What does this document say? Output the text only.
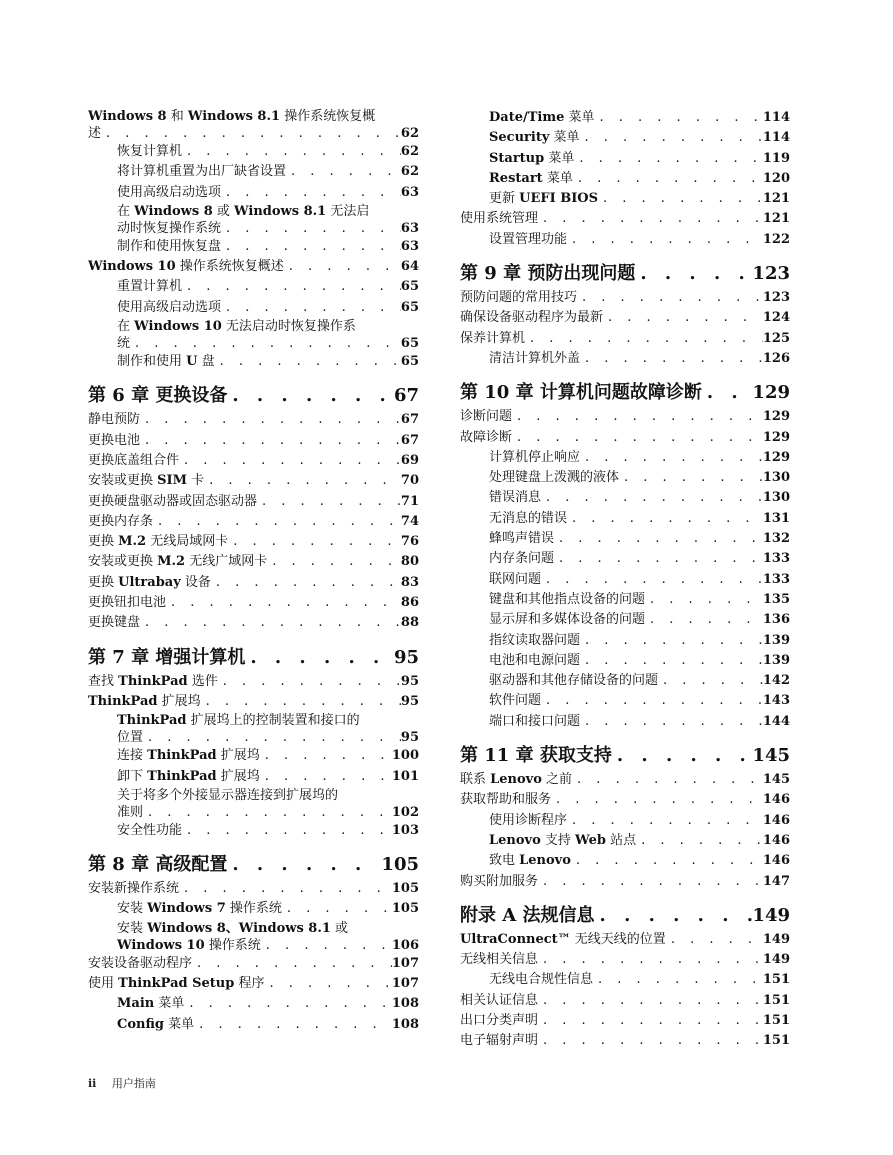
Windows 8 和 Windows 8.1 操作系统恢复概
述 . . .	62
恢复计算机 . . .	62
将计算机重置为出厂缺省设置 . . .	62
使用高级启动选项 . . .	63
在 Windows 8 或 Windows 8.1 无法启
动时恢复操作系统 . . .	63
制作和使用恢复盘 . . .	63
Windows 10 操作系统恢复概述 . . .	64
重置计算机 . . .	65
使用高级启动选项 . . .	65
在 Windows 10 无法启动时恢复操作系
统 . . .	65
制作和使用 U 盘 . . .	65
第 6 章 更换设备 . . .	67
静电预防 . . .	67
更换电池 . . .	67
更换底盖组合件 . . .	69
安装或更换 SIM 卡 . . .	70
更换硬盘驱动器或固态驱动器 . . .	71
更换内存条 . . .	74
更换 M.2 无线局域网卡 . . .	76
安装或更换 M.2 无线广域网卡 . . .	80
更换 Ultrabay 设备 . . .	83
更换钮扣电池 . . .	86
更换键盘 . . .	88
第 7 章 增强计算机 . . .	95
查找 ThinkPad 选件 . . .	95
ThinkPad 扩展坞 . . .	95
ThinkPad 扩展坞上的控制装置和接口的
位置 . . .	95
连接 ThinkPad 扩展坞 . . .	100
卸下 ThinkPad 扩展坞 . . .	101
关于将多个外接显示器连接到扩展坞的
准则 . . .	102
安全性功能 . . .	103
第 8 章 高级配置 . . .	105
安装新操作系统 . . .	105
安装 Windows 7 操作系统 . . .	105
安装 Windows 8、Windows 8.1 或
Windows 10 操作系统 . . .	106
安装设备驱动程序 . . .	107
使用 ThinkPad Setup 程序 . . .	107
Main 菜单 . . .	108
Config 菜单 . . .	108
Date/Time 菜单 . . .	114
Security 菜单 . . .	114
Startup 菜单 . . .	119
Restart 菜单 . . .	120
更新 UEFI BIOS . . .	121
使用系统管理 . . .	121
设置管理功能 . . .	122
第 9 章 预防出现问题 . . .	123
预防问题的常用技巧 . . .	123
确保设备驱动程序为最新 . . .	124
保养计算机 . . .	125
清洁计算机外盖 . . .	126
第 10 章 计算机问题故障诊断 . . .	129
诊断问题 . . .	129
故障诊断 . . .	129
计算机停止响应 . . .	129
处理键盘上泼溅的液体 . . .	130
错误消息 . . .	130
无消息的错误 . . .	131
蜂鸣声错误 . . .	132
内存条问题 . . .	133
联网问题 . . .	133
键盘和其他指点设备的问题 . . .	135
显示屏和多媒体设备的问题 . . .	136
指纹读取器问题 . . .	139
电池和电源问题 . . .	139
驱动器和其他存储设备的问题 . . .	142
软件问题 . . .	143
端口和接口问题 . . .	144
第 11 章 获取支持 . . .	145
联系 Lenovo 之前 . . .	145
获取帮助和服务 . . .	146
使用诊断程序 . . .	146
Lenovo 支持 Web 站点 . . .	146
致电 Lenovo . . .	146
购买附加服务 . . .	147
附录 A 法规信息 . . .	149
UltraConnect™ 无线天线的位置 . . .	149
无线相关信息 . . .	149
无线电合规性信息 . . .	151
相关认证信息 . . .	151
出口分类声明 . . .	151
电子辐射声明 . . .	151
ii 用户指南
